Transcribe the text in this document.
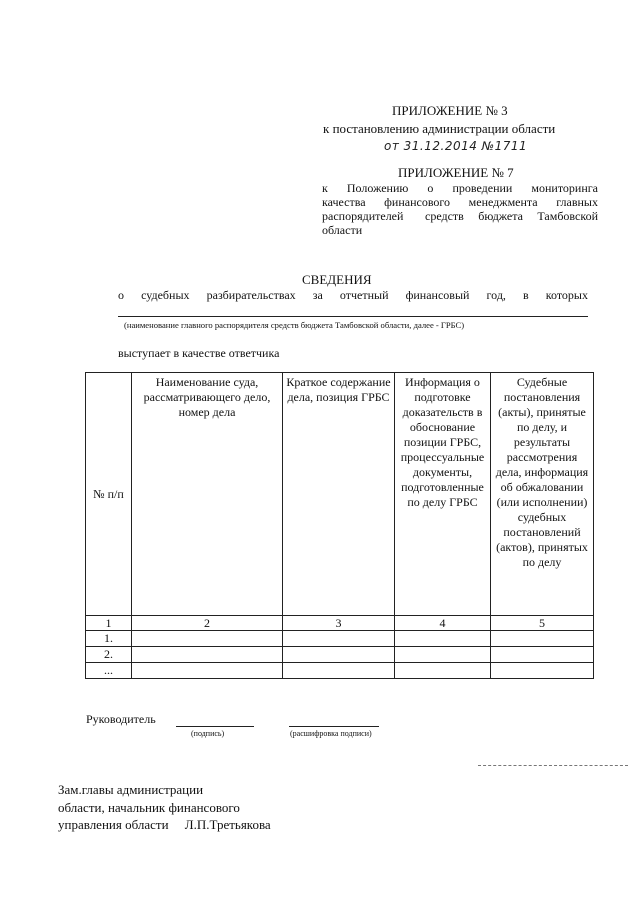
ПРИЛОЖЕНИЕ № 3
к постановлению администрации области
от 31.12.2014 №1711
ПРИЛОЖЕНИЕ № 7
к   Положению   о   проведении   мониторинга
качества  финансового  менеджмента  главных
распорядителей   средств  бюджета  Тамбовской
области
СВЕДЕНИЯ
о   судебных   разбирательствах   за   отчетный   финансовый   год,   в   которых
(наименование главного распорядителя средств бюджета Тамбовской области, далее - ГРБС)
выступает в качестве ответчика
№ п/п	Наименование суда, рассматривающего дело, номер дела	Краткое содержание дела, позиция ГРБС	Информация о подготовке доказательств в обоснование позиции ГРБС, процессуальные документы, подготовленные по делу ГРБС	Судебные постановления (акты), принятые по делу, и результаты рассмотрения дела, информация об обжаловании (или исполнении) судебных постановлений (актов), принятых по делу
1	2	3	4	5
1.				
2.				
...				
Руководитель
(подпись)	(расшифровка подписи)
Зам.главы администрации
области, начальник финансового
управления области     Л.П.Третьякова
